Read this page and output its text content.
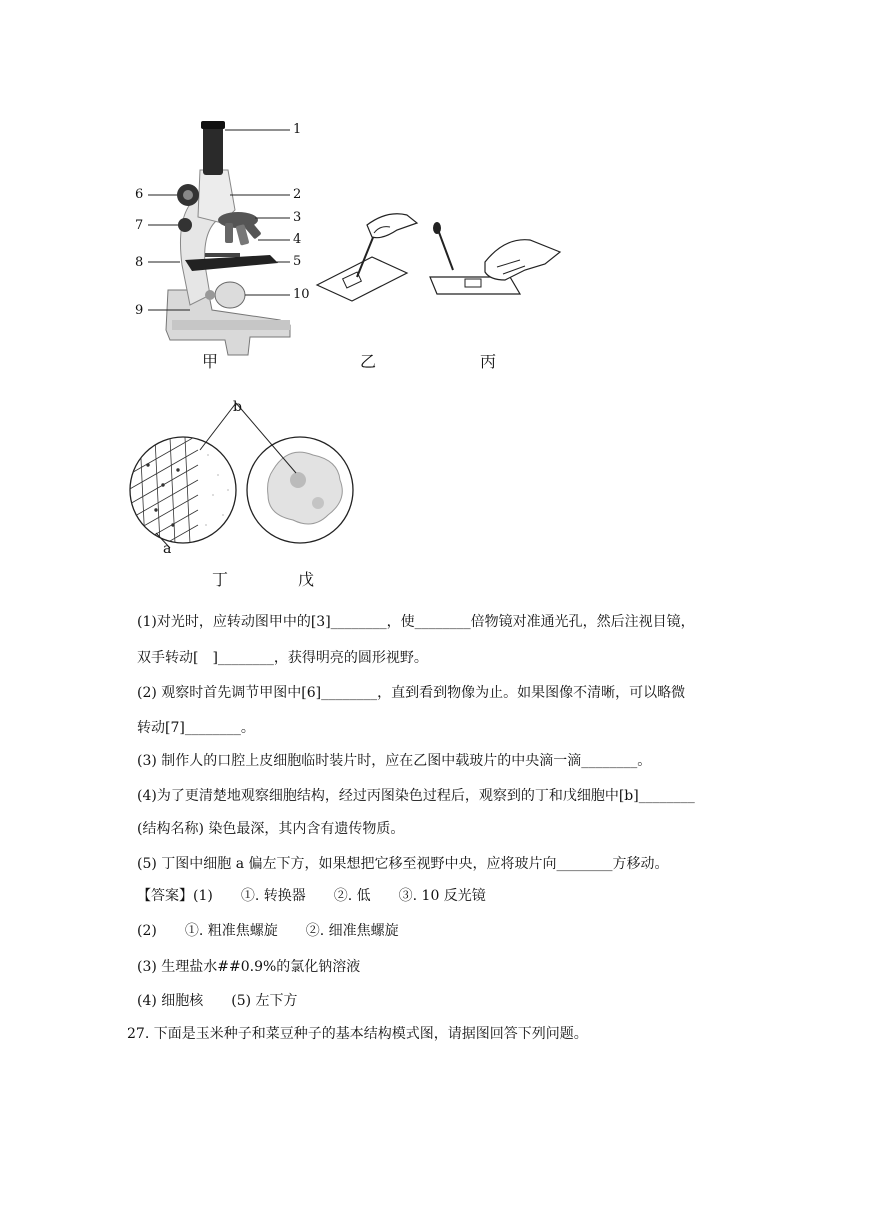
1
2
3
4
5
6
7
8
9
10
甲	乙	丙
b
a
丁	戊
(1)对光时，应转动图甲中的[3]________，使________倍物镜对准通光孔，然后注视目镜，
双手转动[　]________，获得明亮的圆形视野。
(2) 观察时首先调节甲图中[6]________，直到看到物像为止。如果图像不清晰，可以略微
转动[7]________。
(3) 制作人的口腔上皮细胞临时装片时，应在乙图中载玻片的中央滴一滴________。
(4)为了更清楚地观察细胞结构，经过丙图染色过程后，观察到的丁和戊细胞中[b]________
(结构名称) 染色最深，其内含有遗传物质。
(5) 丁图中细胞 a 偏左下方，如果想把它移至视野中央，应将玻片向________方移动。
【答案】(1)　　①. 转换器　　②. 低　　③. 10 反光镜
(2)　　①. 粗准焦螺旋　　②. 细准焦螺旋
(3) 生理盐水##0.9%的氯化钠溶液
(4) 细胞核　　(5) 左下方
27. 下面是玉米种子和菜豆种子的基本结构模式图，请据图回答下列问题。
